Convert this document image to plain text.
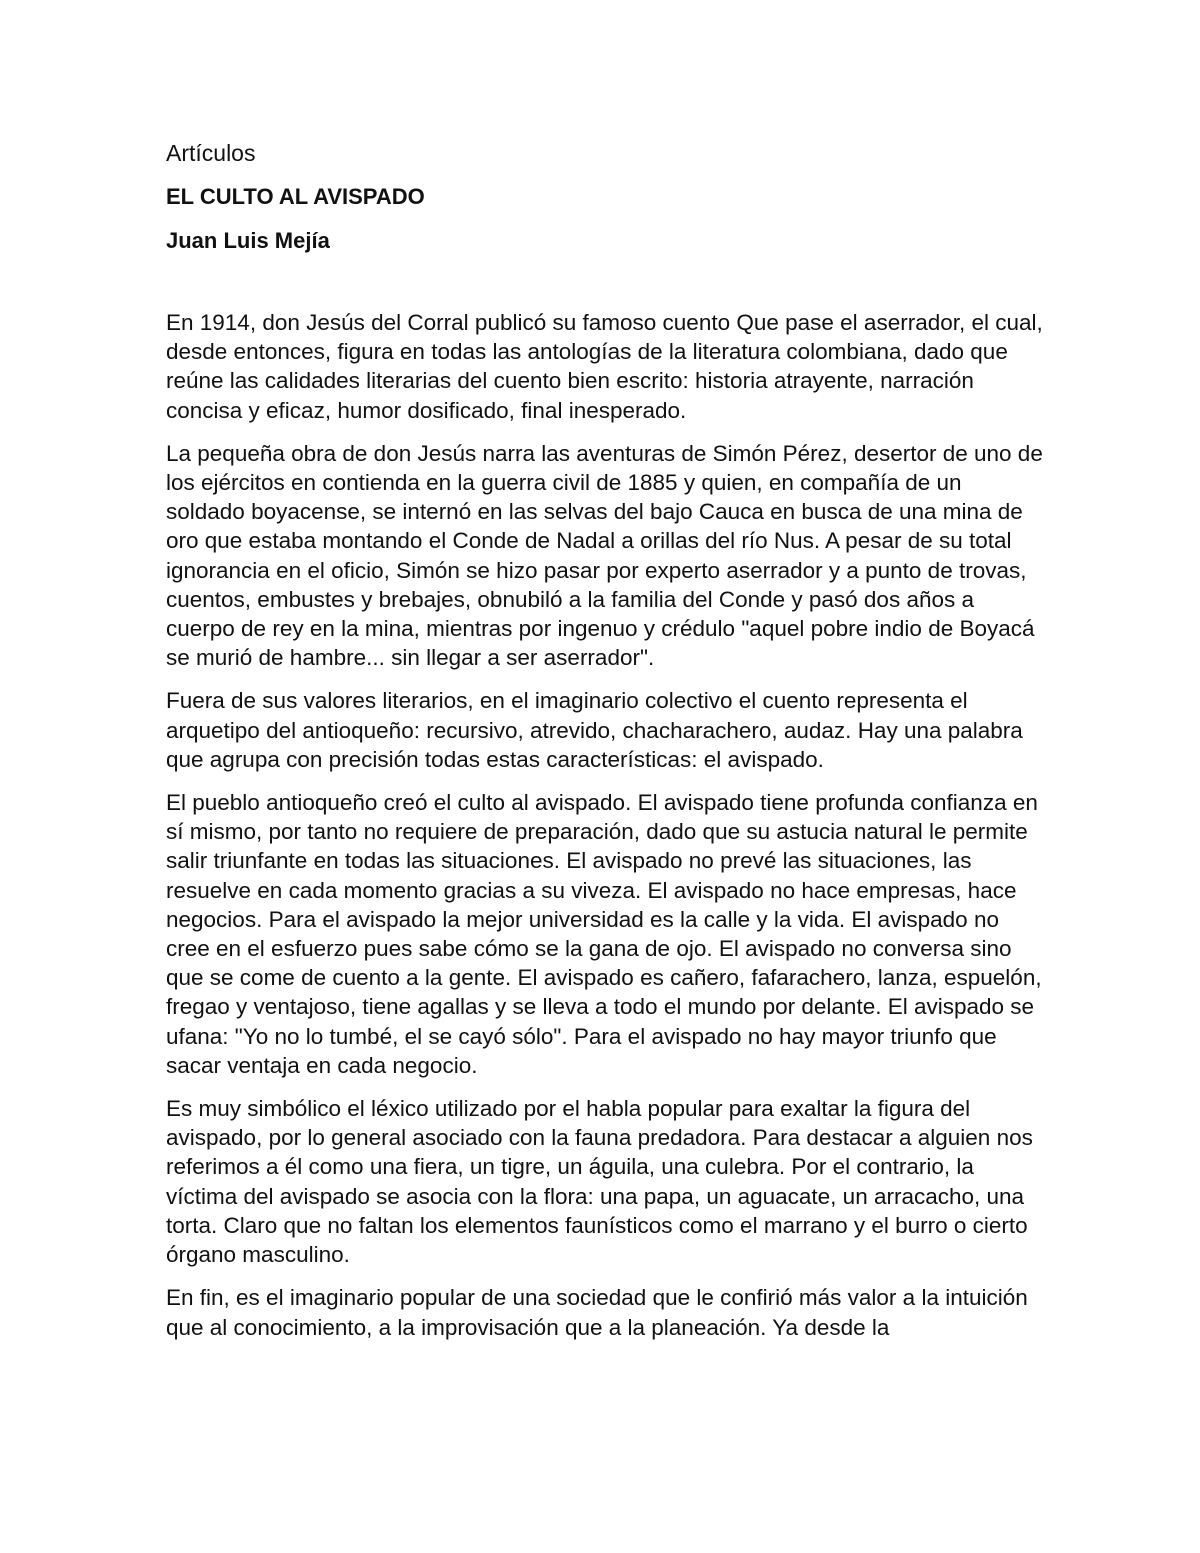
Artículos
EL CULTO AL AVISPADO
Juan Luis Mejía

En 1914, don Jesús del Corral publicó su famoso cuento Que pase el aserrador, el cual, desde entonces, figura en todas las antologías de la literatura colombiana, dado que reúne las calidades literarias del cuento bien escrito: historia atrayente, narración concisa y eficaz, humor dosificado, final inesperado.

La pequeña obra de don Jesús narra las aventuras de Simón Pérez, desertor de uno de los ejércitos en contienda en la guerra civil de 1885 y quien, en compañía de un soldado boyacense, se internó en las selvas del bajo Cauca en busca de una mina de oro que estaba montando el Conde de Nadal a orillas del río Nus. A pesar de su total ignorancia en el oficio, Simón se hizo pasar por experto aserrador y a punto de trovas, cuentos, embustes y brebajes, obnubiló a la familia del Conde y pasó dos años a cuerpo de rey en la mina, mientras por ingenuo y crédulo "aquel pobre indio de Boyacá se murió de hambre... sin llegar a ser aserrador".

Fuera de sus valores literarios, en el imaginario colectivo el cuento representa el arquetipo del antioqueño: recursivo, atrevido, chacharachero, audaz. Hay una palabra que agrupa con precisión todas estas características: el avispado.

El pueblo antioqueño creó el culto al avispado. El avispado tiene profunda confianza en sí mismo, por tanto no requiere de preparación, dado que su astucia natural le permite salir triunfante en todas las situaciones. El avispado no prevé las situaciones, las resuelve en cada momento gracias a su viveza. El avispado no hace empresas, hace negocios. Para el avispado la mejor universidad es la calle y la vida. El avispado no cree en el esfuerzo pues sabe cómo se la gana de ojo. El avispado no conversa sino que se come de cuento a la gente. El avispado es cañero, fafarachero, lanza, espuelón, fregao y ventajoso, tiene agallas y se lleva a todo el mundo por delante. El avispado se ufana: "Yo no lo tumbé, el se cayó sólo". Para el avispado no hay mayor triunfo que sacar ventaja en cada negocio.

Es muy simbólico el léxico utilizado por el habla popular para exaltar la figura del avispado, por lo general asociado con la fauna predadora. Para destacar a alguien nos referimos a él como una fiera, un tigre, un águila, una culebra. Por el contrario, la víctima del avispado se asocia con la flora: una papa, un aguacate, un arracacho, una torta. Claro que no faltan los elementos faunísticos como el marrano y el burro o cierto órgano masculino.

En fin, es el imaginario popular de una sociedad que le confirió más valor a la intuición que al conocimiento, a la improvisación que a la planeación. Ya desde la
